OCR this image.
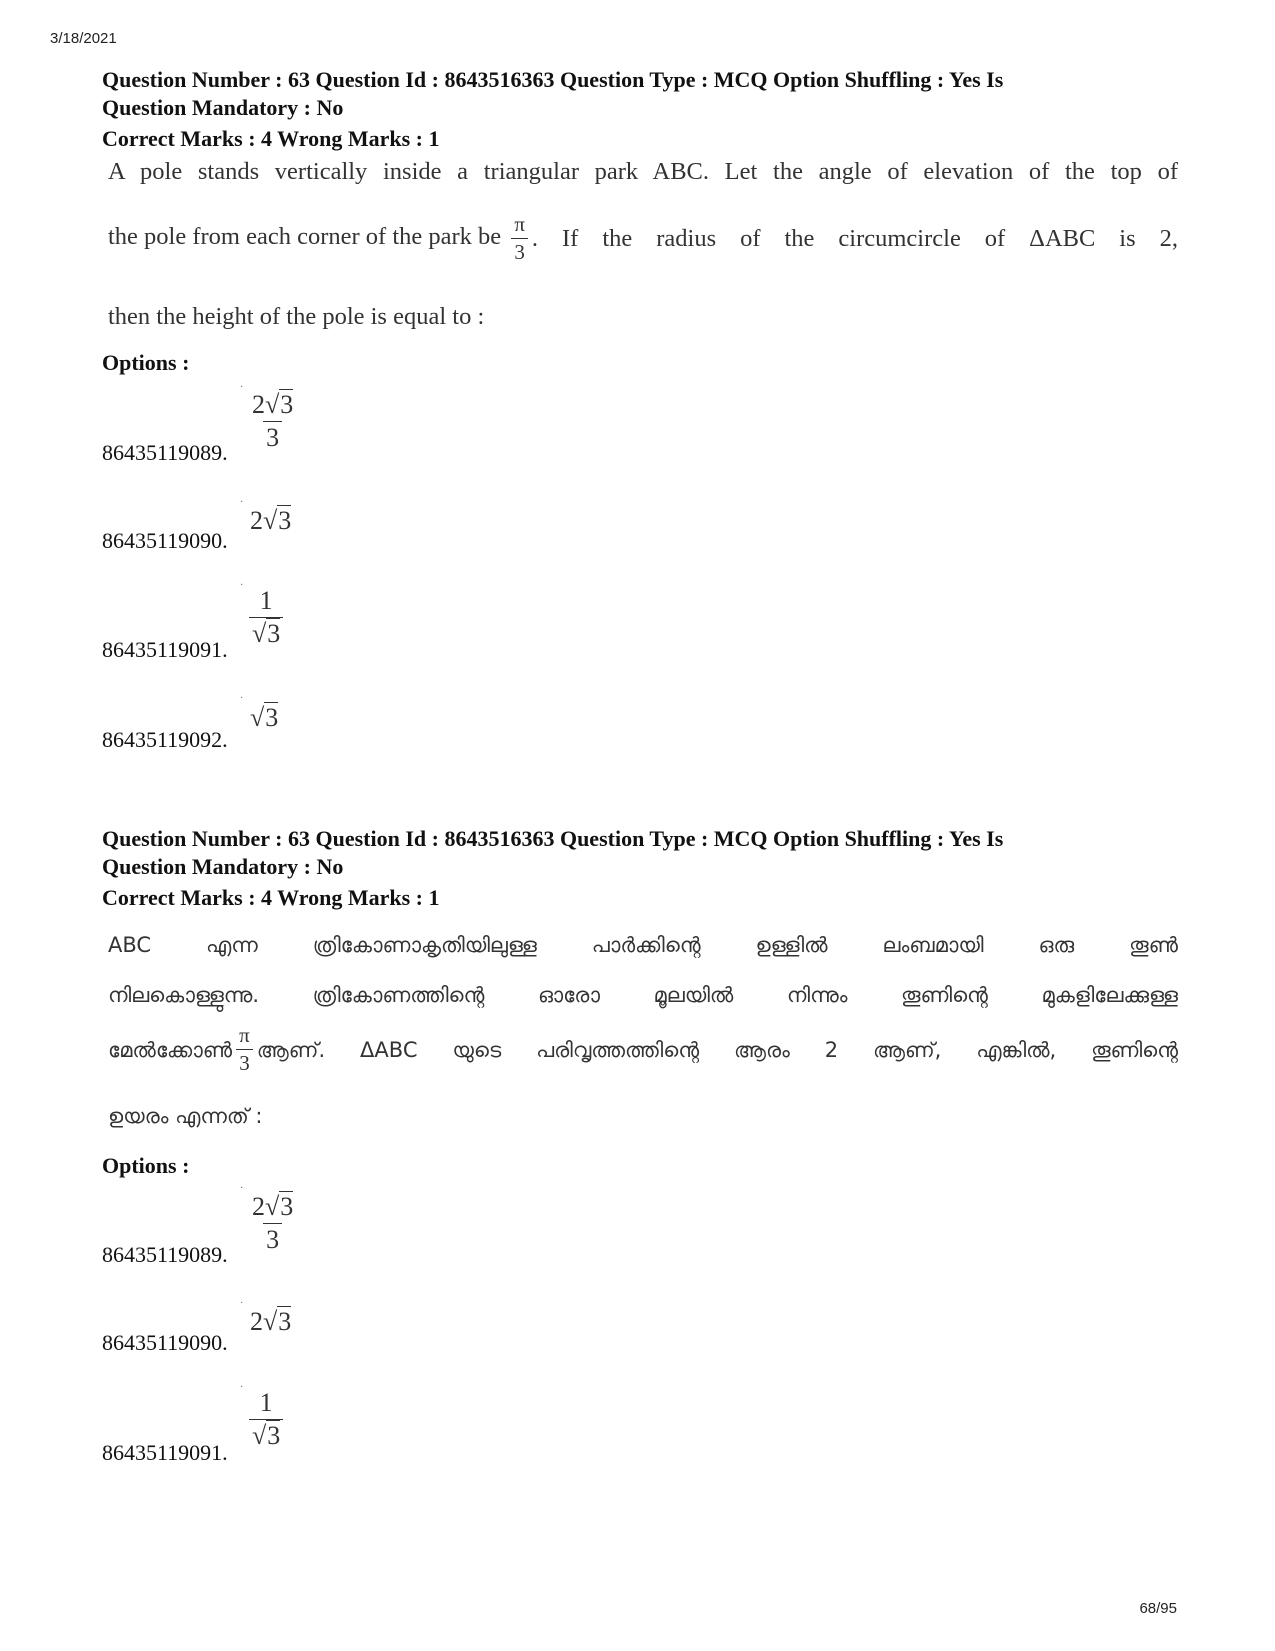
3/18/2021
Question Number : 63 Question Id : 8643516363 Question Type : MCQ Option Shuffling : Yes Is
Question Mandatory : No
Correct Marks : 4 Wrong Marks : 1
A pole stands vertically inside a triangular park ABC. Let the angle of elevation of the top of
the pole from each corner of the park be $\frac{\pi}{3}$ . If the radius of the circumcircle of ΔABC is 2,
then the height of the pole is equal to :
Options :
86435119089.
·
$\frac{2√3}{3}$
86435119090.
·
2√3
86435119091.
·
$\frac{1}{√3}$
86435119092.
·
√3
Question Number : 63 Question Id : 8643516363 Question Type : MCQ Option Shuffling : Yes Is
Question Mandatory : No
Correct Marks : 4 Wrong Marks : 1
ABC എന്ന ത്രികോണാകൃതിയിലുള്ള പാർക്കിന്റെ ഉള്ളിൽ ലംബമായി ഒരു തൂൺ
നിലകൊള്ളുന്നു. ത്രികോണത്തിന്റെ ഓരോ മൂലയിൽ നിന്നും തൂണിന്റെ മുകളിലേക്കുള്ള
മേൽക്കോൺ $\frac{\pi}{3}$ ആണ്. ΔABC യുടെ പരിവൃത്തത്തിന്റെ ആരം 2 ആണ്, എങ്കിൽ, തൂണിന്റെ
ഉയരം എന്നത് :
Options :
86435119089.
·
$\frac{2√3}{3}$
86435119090.
·
2√3
86435119091.
·
$\frac{1}{√3}$
68/95
